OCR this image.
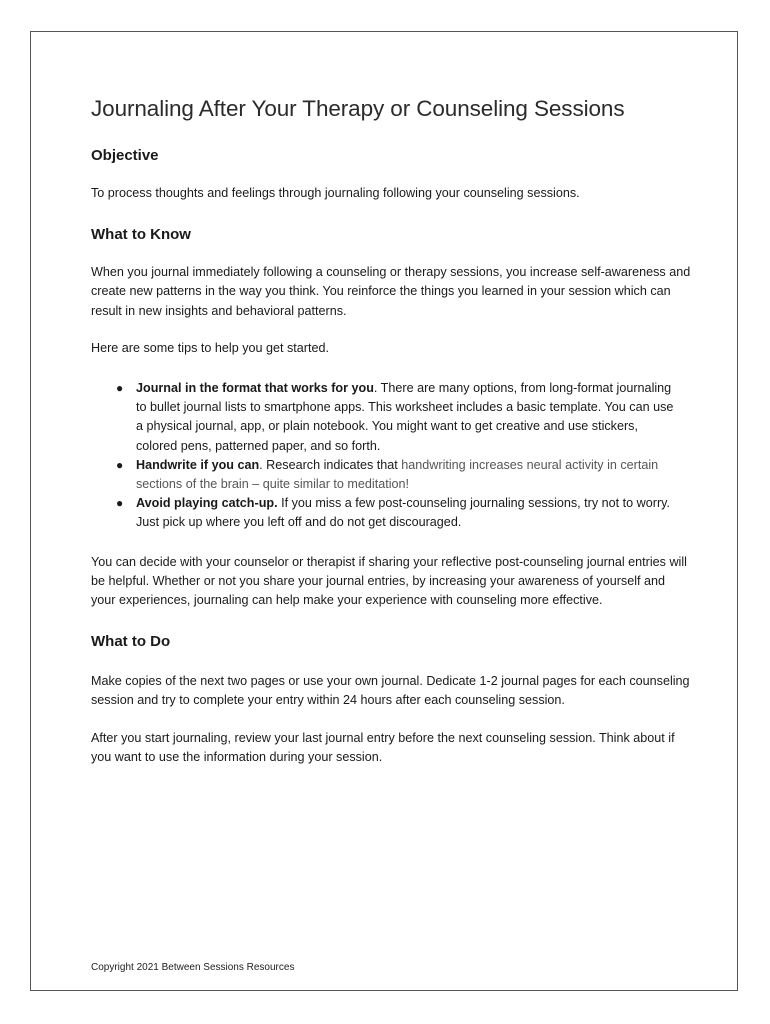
Journaling After Your Therapy or Counseling Sessions
Objective

To process thoughts and feelings through journaling following your counseling sessions.

What to Know

When you journal immediately following a counseling or therapy sessions, you increase self-awareness and create new patterns in the way you think. You reinforce the things you learned in your session which can result in new insights and behavioral patterns.

Here are some tips to help you get started.

● Journal in the format that works for you. There are many options, from long-format journaling to bullet journal lists to smartphone apps. This worksheet includes a basic template. You can use a physical journal, app, or plain notebook. You might want to get creative and use stickers, colored pens, patterned paper, and so forth.
● Handwrite if you can. Research indicates that handwriting increases neural activity in certain sections of the brain – quite similar to meditation!
● Avoid playing catch-up. If you miss a few post-counseling journaling sessions, try not to worry. Just pick up where you left off and do not get discouraged.

You can decide with your counselor or therapist if sharing your reflective post-counseling journal entries will be helpful. Whether or not you share your journal entries, by increasing your awareness of yourself and your experiences, journaling can help make your experience with counseling more effective.

What to Do

Make copies of the next two pages or use your own journal. Dedicate 1-2 journal pages for each counseling session and try to complete your entry within 24 hours after each counseling session.

After you start journaling, review your last journal entry before the next counseling session. Think about if you want to use the information during your session.

Copyright 2021 Between Sessions Resources
